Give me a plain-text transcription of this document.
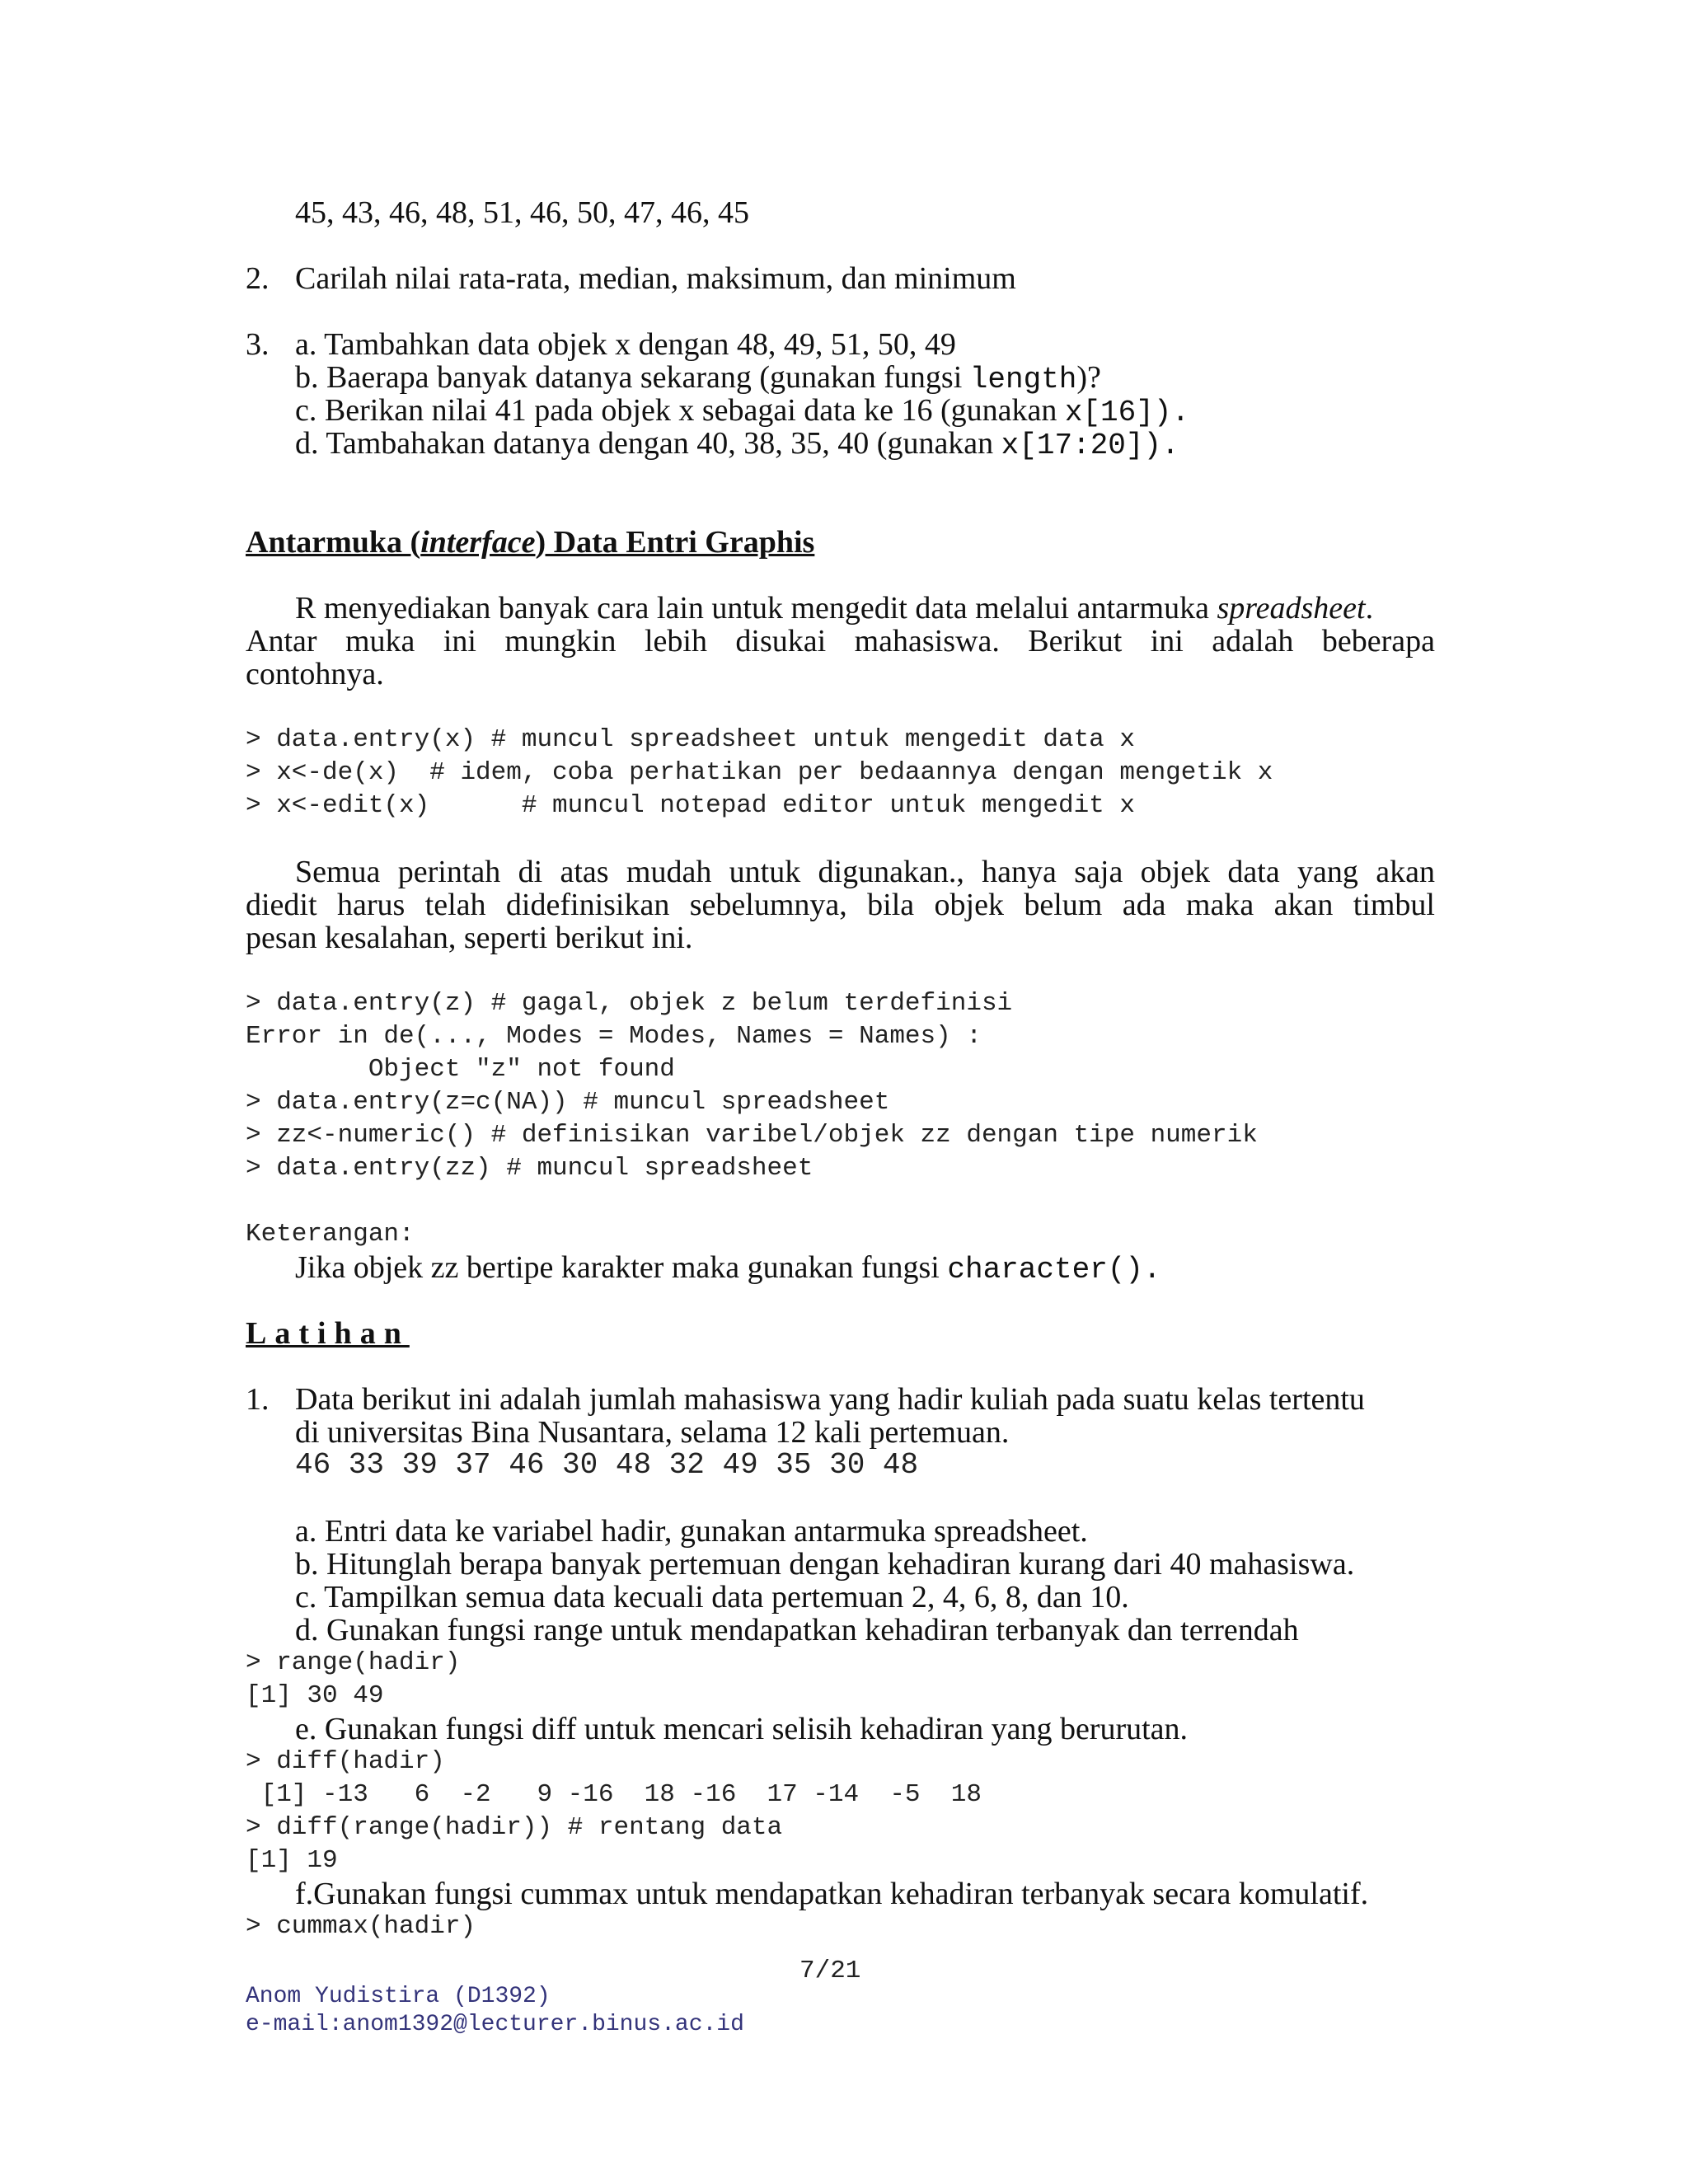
45, 43, 46, 48, 51, 46, 50, 47, 46, 45
2. Carilah nilai rata-rata, median, maksimum, dan minimum
3. a. Tambahkan data objek x dengan 48, 49, 51, 50, 49
b. Baerapa banyak datanya sekarang (gunakan fungsi length)?
c. Berikan nilai 41 pada objek x sebagai data ke 16 (gunakan x[16]).
d. Tambahakan datanya dengan 40, 38, 35, 40 (gunakan x[17:20]).
Antarmuka (interface) Data Entri Graphis
R menyediakan banyak cara lain untuk mengedit data melalui antarmuka spreadsheet.
Antar muka ini mungkin lebih disukai mahasiswa. Berikut ini adalah beberapa
contohnya.
> data.entry(x) # muncul spreadsheet untuk mengedit data x
> x<-de(x)  # idem, coba perhatikan per bedaannya dengan mengetik x
> x<-edit(x)      # muncul notepad editor untuk mengedit x
Semua perintah di atas mudah untuk digunakan., hanya saja objek data yang akan
diedit harus telah didefinisikan sebelumnya, bila objek belum ada maka akan timbul
pesan kesalahan, seperti berikut ini.
> data.entry(z) # gagal, objek z belum terdefinisi
Error in de(..., Modes = Modes, Names = Names) :
Object "z" not found
> data.entry(z=c(NA)) # muncul spreadsheet
> zz<-numeric() # definisikan varibel/objek zz dengan tipe numerik
> data.entry(zz) # muncul spreadsheet
Keterangan:
Jika objek zz bertipe karakter maka gunakan fungsi character().
Latihan
1. Data berikut ini adalah jumlah mahasiswa yang hadir kuliah pada suatu kelas tertentu
di universitas Bina Nusantara, selama 12 kali pertemuan.
46 33 39 37 46 30 48 32 49 35 30 48
a. Entri data ke variabel hadir, gunakan antarmuka spreadsheet.
b. Hitunglah berapa banyak pertemuan dengan kehadiran kurang dari 40 mahasiswa.
c. Tampilkan semua data kecuali data pertemuan 2, 4, 6, 8, dan 10.
d. Gunakan fungsi range untuk mendapatkan kehadiran terbanyak dan terrendah
> range(hadir)
[1] 30 49
e. Gunakan fungsi diff untuk mencari selisih kehadiran yang berurutan.
> diff(hadir)
[1] -13   6  -2   9 -16  18 -16  17 -14  -5  18
> diff(range(hadir)) # rentang data
[1] 19
f.Gunakan fungsi cummax untuk mendapatkan kehadiran terbanyak secara komulatif.
> cummax(hadir)
7/21
Anom Yudistira (D1392)
e-mail:anom1392@lecturer.binus.ac.id
